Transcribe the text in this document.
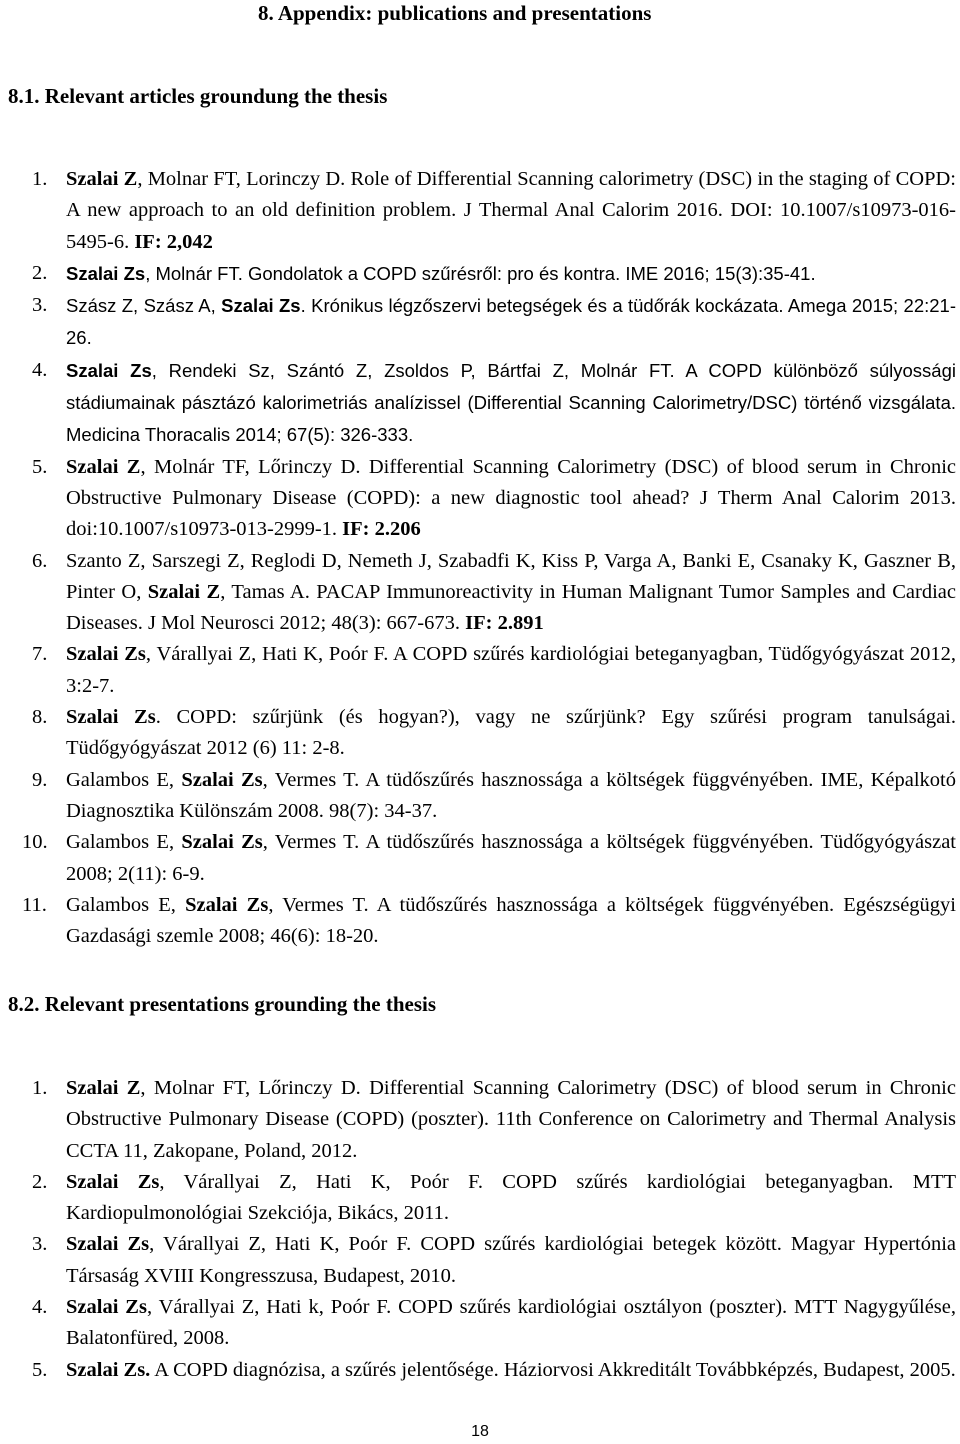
8. Appendix: publications and presentations
8.1. Relevant articles groundung the thesis
1. Szalai Z, Molnar FT, Lorinczy D. Role of Differential Scanning calorimetry (DSC) in the staging of COPD: A new approach to an old definition problem. J Thermal Anal Calorim 2016. DOI: 10.1007/s10973-016-5495-6. IF: 2,042
2. Szalai Zs, Molnár FT. Gondolatok a COPD szűrésről: pro és kontra. IME 2016; 15(3):35-41.
3. Szász Z, Szász A, Szalai Zs. Krónikus légzőszervi betegségek és a tüdőrák kockázata. Amega 2015; 22:21-26.
4. Szalai Zs, Rendeki Sz, Szántó Z, Zsoldos P, Bártfai Z, Molnár FT. A COPD különböző súlyossági stádiumainak pásztázó kalorimetriás analízissel (Differential Scanning Calorimetry/DSC) történő vizsgálata. Medicina Thoracalis 2014; 67(5): 326-333.
5. Szalai Z, Molnár TF, Lőrinczy D. Differential Scanning Calorimetry (DSC) of blood serum in Chronic Obstructive Pulmonary Disease (COPD): a new diagnostic tool ahead? J Therm Anal Calorim 2013. doi:10.1007/s10973-013-2999-1. IF: 2.206
6. Szanto Z, Sarszegi Z, Reglodi D, Nemeth J, Szabadfi K, Kiss P, Varga A, Banki E, Csanaky K, Gaszner B, Pinter O, Szalai Z, Tamas A. PACAP Immunoreactivity in Human Malignant Tumor Samples and Cardiac Diseases. J Mol Neurosci 2012; 48(3): 667-673. IF: 2.891
7. Szalai Zs, Várallyai Z, Hati K, Poór F. A COPD szűrés kardiológiai beteganyagban, Tüdőgyógyászat 2012, 3:2-7.
8. Szalai Zs. COPD: szűrjünk (és hogyan?), vagy ne szűrjünk? Egy szűrési program tanulságai. Tüdőgyógyászat 2012 (6) 11: 2-8.
9. Galambos E, Szalai Zs, Vermes T. A tüdőszűrés hasznossága a költségek függvényében. IME, Képalkotó Diagnosztika Különszám 2008. 98(7): 34-37.
10. Galambos E, Szalai Zs, Vermes T. A tüdőszűrés hasznossága a költségek függvényében. Tüdőgyógyászat 2008; 2(11): 6-9.
11. Galambos E, Szalai Zs, Vermes T. A tüdőszűrés hasznossága a költségek függvényében. Egészségügyi Gazdasági szemle 2008; 46(6): 18-20.
8.2. Relevant presentations grounding the thesis
1. Szalai Z, Molnar FT, Lőrinczy D. Differential Scanning Calorimetry (DSC) of blood serum in Chronic Obstructive Pulmonary Disease (COPD) (poszter). 11th Conference on Calorimetry and Thermal Analysis CCTA 11, Zakopane, Poland, 2012.
2. Szalai Zs, Várallyai Z, Hati K, Poór F. COPD szűrés kardiológiai beteganyagban. MTT Kardiopulmonológiai Szekciója, Bikács, 2011.
3. Szalai Zs, Várallyai Z, Hati K, Poór F. COPD szűrés kardiológiai betegek között. Magyar Hypertónia Társaság XVIII Kongresszusa, Budapest, 2010.
4. Szalai Zs, Várallyai Z, Hati k, Poór F. COPD szűrés kardiológiai osztályon (poszter). MTT Nagygyűlése, Balatonfüred, 2008.
5. Szalai Zs. A COPD diagnózisa, a szűrés jelentősége. Háziorvosi Akkreditált Továbbképzés, Budapest, 2005.
18
